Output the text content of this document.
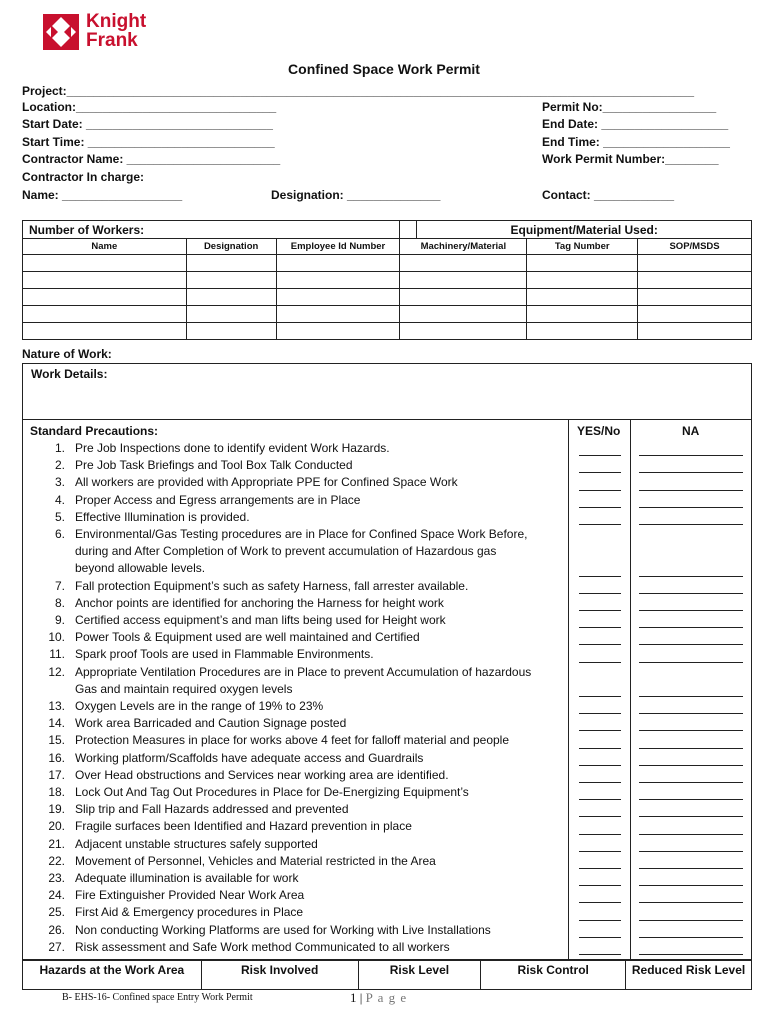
Knight
Frank
Confined Space Work Permit
Project:______________________________________________________________________________________________
Location:______________________________
Start Date: ____________________________
Start Time: ____________________________
Contractor Name: _______________________
Contractor In charge:
Name: __________________	Designation: ______________
Permit No:_________________
End Date: ___________________
End Time: ___________________
Work Permit Number:________
Contact: ____________
Number of Workers:				Equipment/Material Used:		
Name	Designation	Employee Id Number	Machinery/Material		Tag Number	SOP/MSDS

Nature of Work:
Work Details:
Standard Precautions:	YES/No	NA
1. Pre Job Inspections done to identify evident Work Hazards.
2. Pre Job Task Briefings and Tool Box Talk Conducted
3. All workers are provided with Appropriate PPE for Confined Space Work
4. Proper Access and Egress arrangements are in Place
5. Effective Illumination is provided.
6. Environmental/Gas Testing procedures are in Place for Confined Space Work Before,
during and After Completion of Work to prevent accumulation of Hazardous gas
beyond allowable levels.
7. Fall protection Equipment’s such as safety Harness, fall arrester available.
8. Anchor points are identified for anchoring the Harness for height work
9. Certified access equipment’s and man lifts being used for Height work
10. Power Tools & Equipment used are well maintained and Certified
11. Spark proof Tools are used in Flammable Environments.
12. Appropriate Ventilation Procedures are in Place to prevent Accumulation of hazardous
Gas and maintain required oxygen levels
13. Oxygen Levels are in the range of 19% to 23%
14. Work area Barricaded and Caution Signage posted
15. Protection Measures in place for works above 4 feet for falloff material and people
16. Working platform/Scaffolds have adequate access and Guardrails
17. Over Head obstructions and Services near working area are identified.
18. Lock Out And Tag Out Procedures in Place for De-Energizing Equipment’s
19. Slip trip and Fall Hazards addressed and prevented
20. Fragile surfaces been Identified and Hazard prevention in place
21. Adjacent unstable structures safely supported
22. Movement of Personnel, Vehicles and Material restricted in the Area
23. Adequate illumination is available for work
24. Fire Extinguisher Provided Near Work Area
25. First Aid & Emergency procedures in Place
26. Non conducting Working Platforms are used for Working with Live Installations
27. Risk assessment and Safe Work method Communicated to all workers
Hazards at the Work Area	Risk Involved	Risk Level	Risk Control	Reduced Risk Level
B- EHS-16- Confined space Entry Work Permit	1 | P a g e
